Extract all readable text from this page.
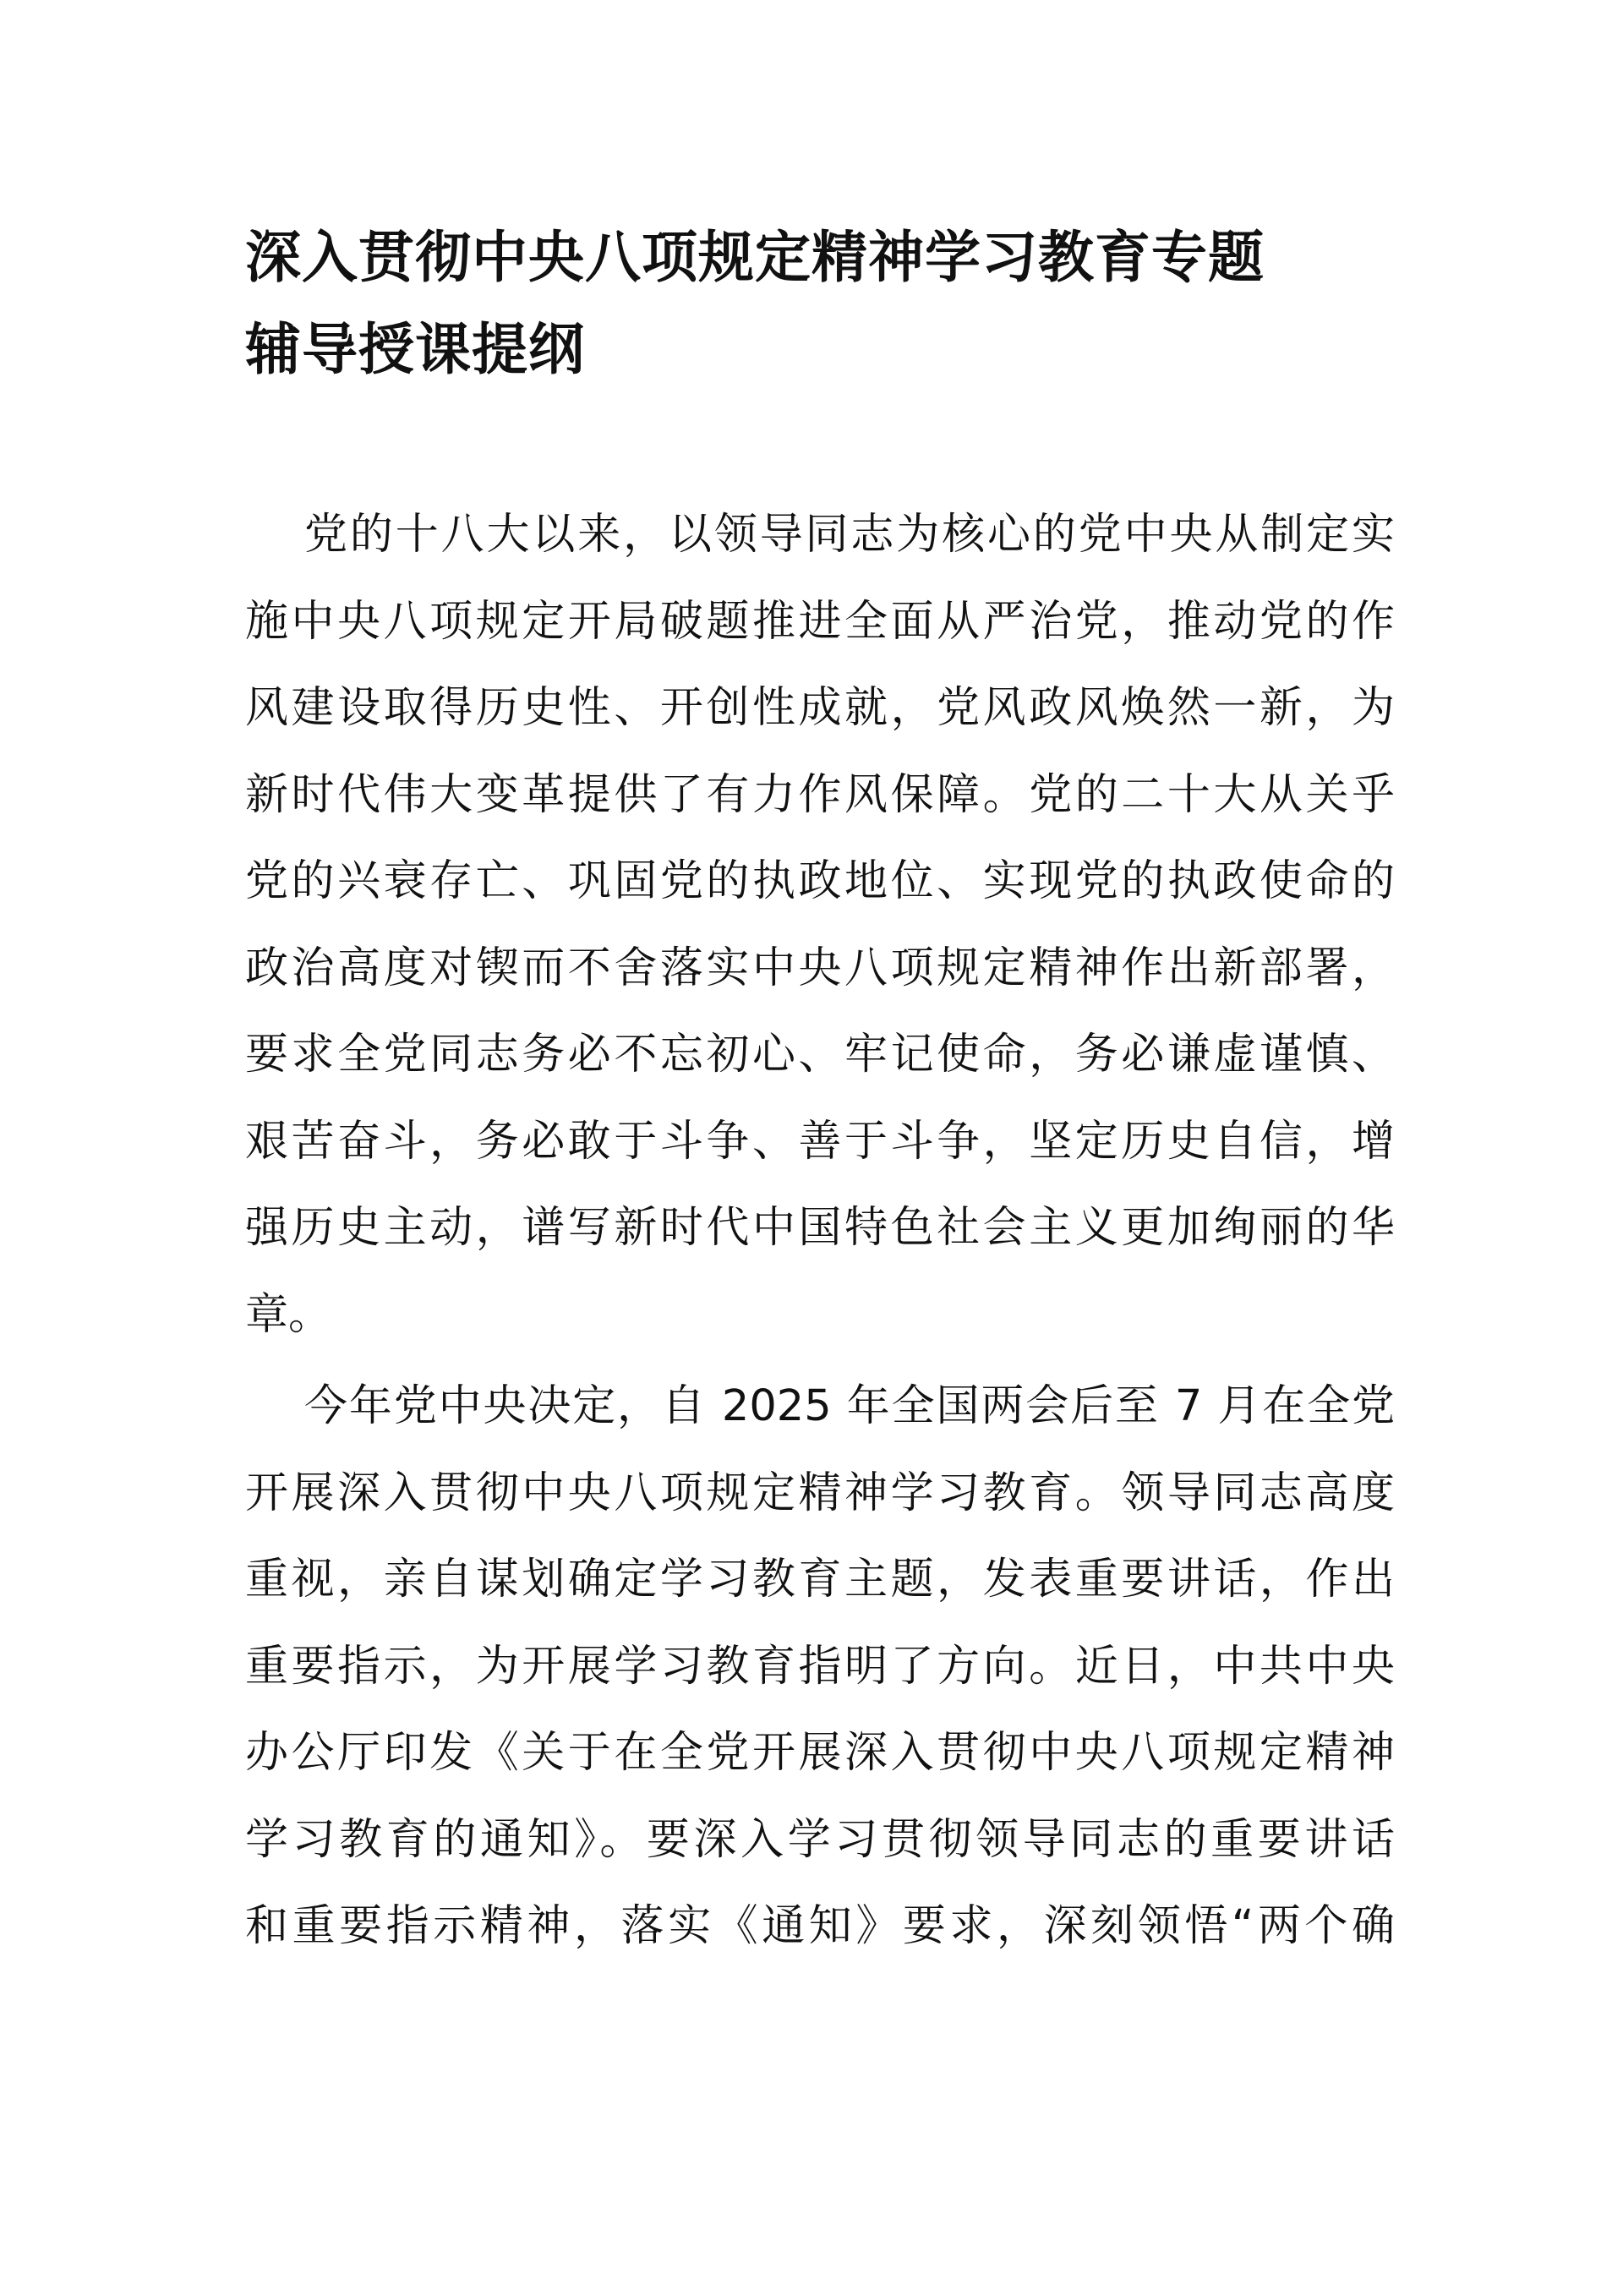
深入贯彻中央八项规定精神学习教育专题
辅导授课提纲
党的十八大以来，以领导同志为核心的党中央从制定实
施中央八项规定开局破题推进全面从严治党，推动党的作
风建设取得历史性、开创性成就，党风政风焕然一新，为
新时代伟大变革提供了有力作风保障。党的二十大从关乎
党的兴衰存亡、巩固党的执政地位、实现党的执政使命的
政治高度对锲而不舍落实中央八项规定精神作出新部署，
要求全党同志务必不忘初心、牢记使命，务必谦虚谨慎、
艰苦奋斗，务必敢于斗争、善于斗争，坚定历史自信，增
强历史主动，谱写新时代中国特色社会主义更加绚丽的华
章。
今年党中央决定，自 2025 年全国两会后至 7 月在全党
开展深入贯彻中央八项规定精神学习教育。领导同志高度
重视，亲自谋划确定学习教育主题，发表重要讲话，作出
重要指示，为开展学习教育指明了方向。近日，中共中央
办公厅印发《关于在全党开展深入贯彻中央八项规定精神
学习教育的通知》。要深入学习贯彻领导同志的重要讲话
和重要指示精神，落实《通知》要求，深刻领悟“两个确
